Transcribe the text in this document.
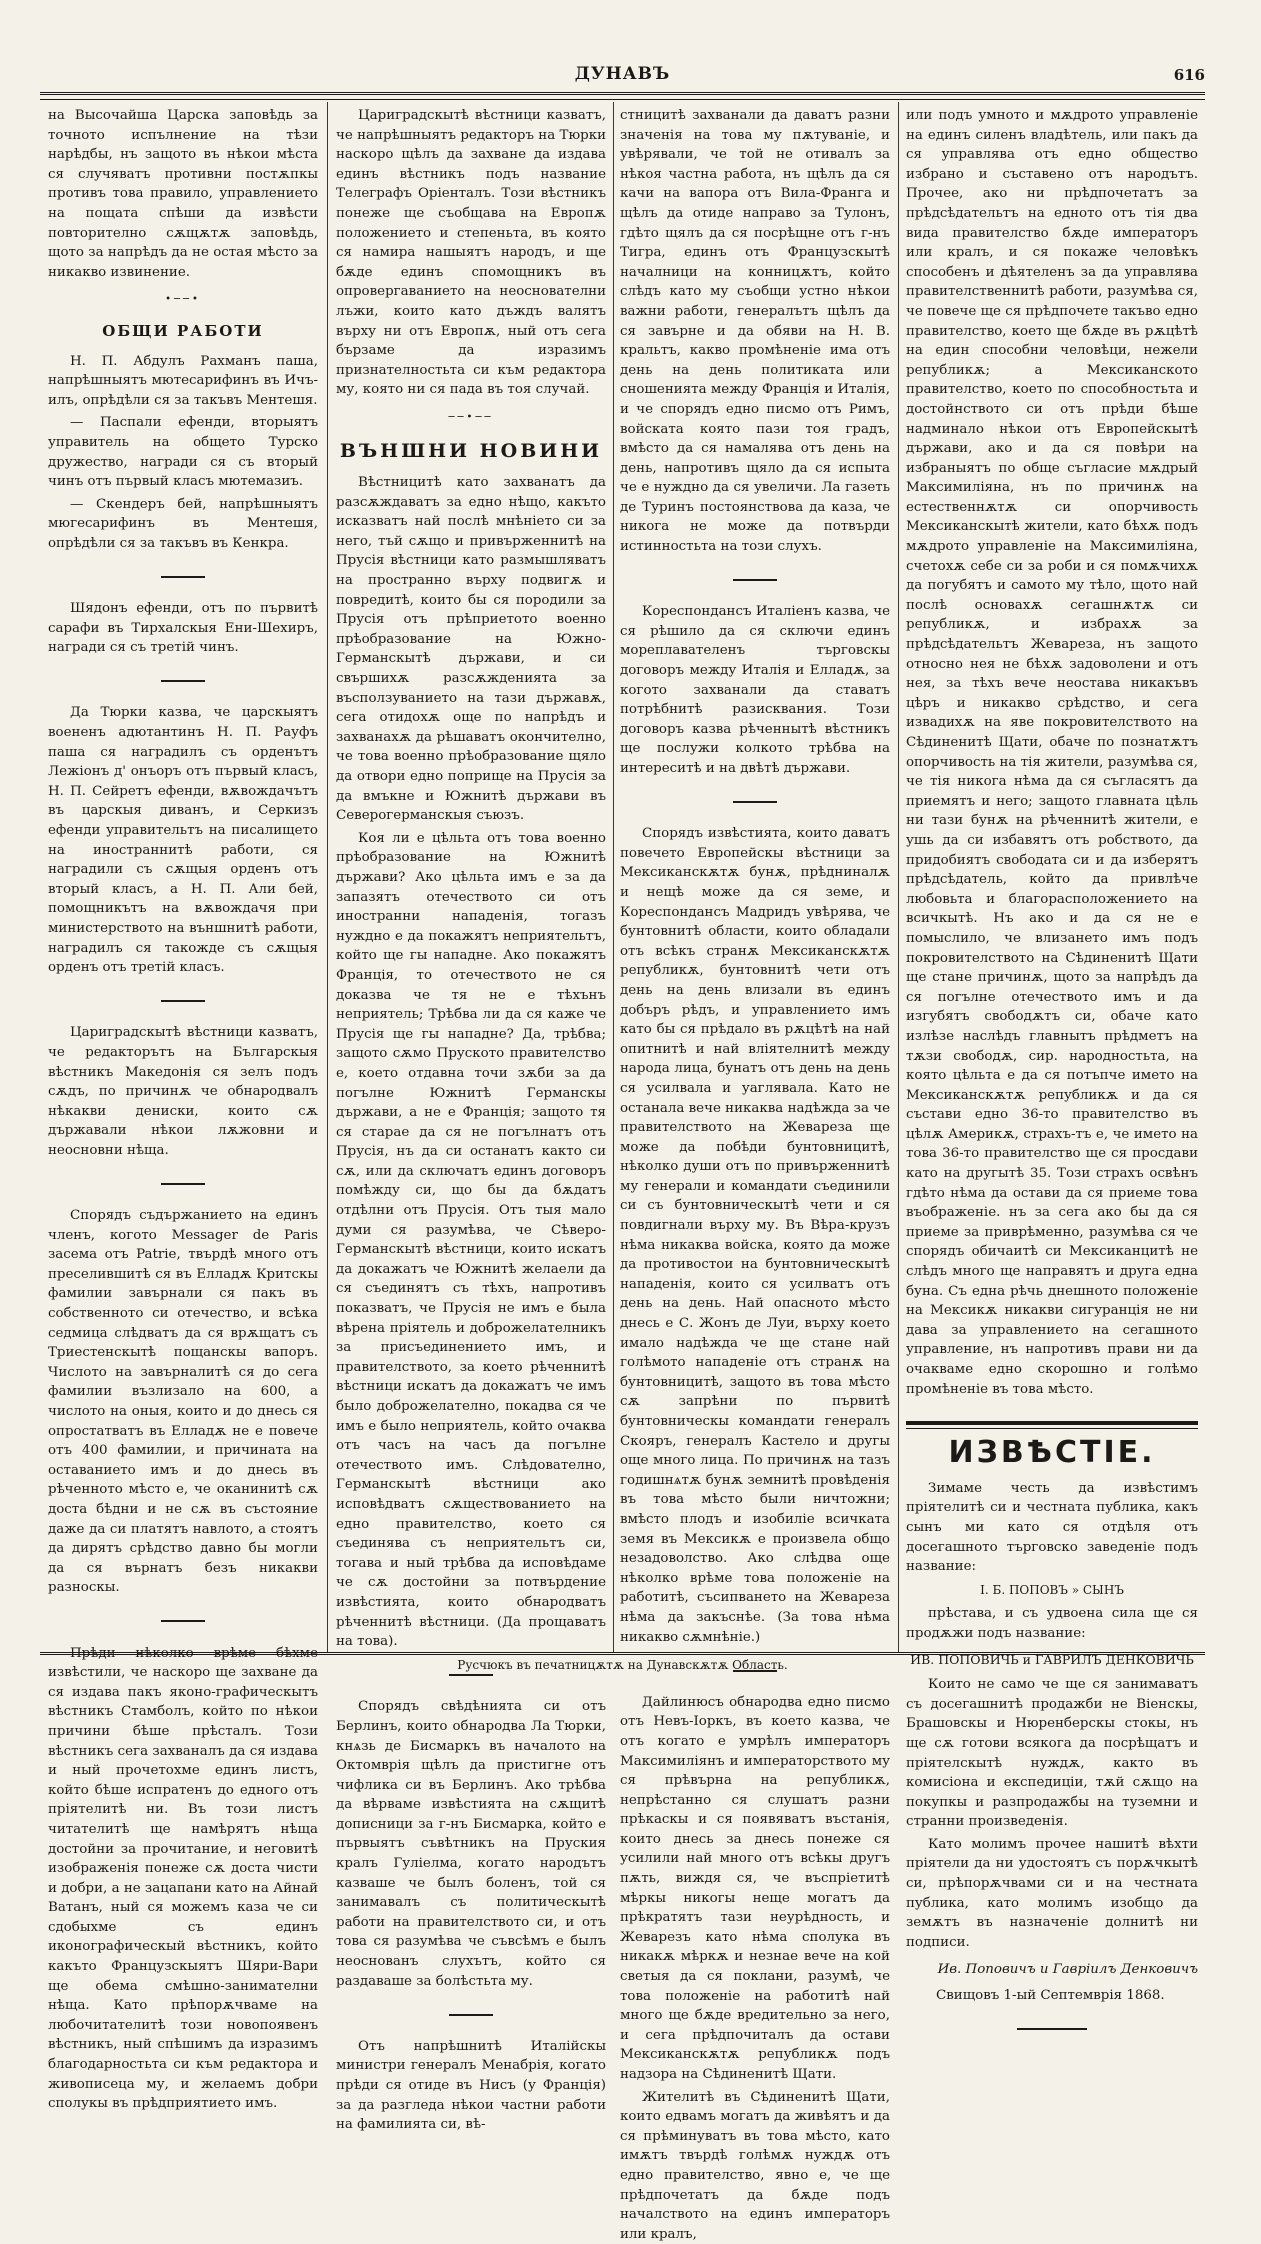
ДУНАВЪ	616

на Высочайша Царска заповѣдь за точното испълнение на тѣзи нарѣдбы, нъ защото въ нѣкои мѣста ся случяватъ противни постѫпкы противъ това правило, управлението на пощата спѣши да извѣсти повторително сѫщѫтѫ заповѣдь, щото за напрѣдъ да не остая мѣсто за никакво извинение.

•──•
ОБЩИ РАБОТИ

Н. П. Абдулъ Рахманъ паша, напрѣшныятъ мютесарифинъ въ Ичъ-илъ, опрѣдѣли ся за такъвъ Ментешя.

— Паспали ефенди, вторыятъ управитель на общето Турско дружество, награди ся съ вторый чинъ отъ първый класъ мютемазиъ.

— Скендеръ бей, напрѣшныятъ мюгесарифинъ въ Ментешя, опрѣдѣли ся за такъвъ въ Кенкра.

Шядонъ ефенди, отъ по първитѣ сарафи въ Тирхалскыя Ени-Шехиръ, награди ся съ третій чинъ.

Да Тюрки казва, че царскыятъ воененъ адютантинъ Н. П. Рауфъ паша ся наградилъ съ орденътъ Лежіонъ д' онъоръ отъ първый класъ, Н. П. Сейретъ ефенди, вѫвождачътъ въ царскыя диванъ, и Серкизъ ефенди управительтъ на писалището на иностраннитѣ работи, ся наградили съ сѫщыя орденъ отъ вторый класъ, а Н. П. Али бей, помощникътъ на вѫвождачя при министерството на външнитѣ работи, наградилъ ся такожде съ сѫщыя орденъ отъ третій класъ.

Цариградскытѣ вѣстници казватъ, че редакторътъ на Българскыя вѣстникъ Македонія ся зелъ подъ сѫдъ, по причинѫ че обнародвалъ нѣкакви дениски, които сѫ държавали нѣкои лѫжовни и неосновни нѣща.

Спорядъ съдържанието на единъ членъ, когото Messager de Paris засема отъ Patrie, твърдѣ много отъ преселившитѣ ся въ Елладѫ Критскы фамилии завърнали ся пакъ въ собственното си отечество, и всѣка седмица слѣдватъ да ся врѫщатъ съ Триестенскытѣ пощанскы вапоръ. Числото на завърналитѣ ся до сега фамилии възлизало на 600, а числото на оныя, които и до днесь ся опростатватъ въ Елладѫ не е повече отъ 400 фамилии, и причината на оставанието имъ и до днесь въ рѣченното мѣсто е, че оканинитѣ сѫ доста бѣдни и не сѫ въ състояние даже да си платятъ навлото, а стоятъ да дирятъ срѣдство давно бы могли да ся върнатъ безъ никакви разноскы.

Прѣди нѣколко врѣме бѣхме извѣстили, че наскоро ще захване да ся издава пакъ яконо-графическытъ вѣстникъ Стамболъ, който по нѣкои причини бѣше прѣсталъ. Този вѣстникъ сега захваналъ да ся издава и ный прочетохме единъ листъ, който бѣше испратенъ до едного отъ прiятелитѣ ни. Въ този листъ читателитѣ ще намѣрятъ нѣща достойни за прочитание, и неговитѣ изображенія понеже сѫ доста чисти и добри, а не зацапани като на Айнай Ватанъ, ный ся можемъ каза че си сдобыхме съ единъ иконографическый вѣстникъ, който какъто Французскыятъ Шяри-Вари ще обема смѣшно-занимателни нѣща. Като прѣпорѫчваме на любочитателитѣ този новопоявенъ вѣстникъ, ный спѣшимъ да изразимъ благодарностьта си към редактора и живописеца му, и желаемъ добри сполукы въ прѣдприятието имъ.

Цариградскытѣ вѣстници казватъ, че напрѣшныятъ редакторъ на Тюрки наскоро щѣлъ да захване да издава единъ вѣстникъ подъ название Телеграфъ Оріенталъ. Този вѣстникъ понеже ще съобщава на Европѫ положението и степеньта, въ която ся намира нашыятъ народъ, и ще бѫде единъ спомощникъ въ опровергаванието на неоснователни лъжи, които като дъждъ валятъ върху ни отъ Европѫ, ный отъ сега бързаме да изразимъ признателностьта си към редактора му, която ни ся пада въ тоя случай.

──•──
ВЪНШНИ НОВИНИ

Вѣстницитѣ като захванатъ да разсѫждаватъ за едно нѣщо, какъто исказватъ най послѣ мнѣніето си за него, тъй сѫщо и привърженнитѣ на Прусія вѣстници като размышляватъ на пространно върху подвигѫ и повредитѣ, които бы ся породили за Прусія отъ прѣприетото военно прѣобразование на Южно-Германскытѣ държави, и си свършихѫ разсѫжденията за въсползуванието на тази държавѫ, сега отидохѫ още по напрѣдъ и захванахѫ да рѣшаватъ окончително, че това военно прѣобразование щяло да отвори едно поприще на Прусія за да вмъкне и Южнитѣ държави въ Северогерманскыя съюзъ.

Коя ли е цѣльта отъ това военно прѣобразование на Южнитѣ държави? Ако цѣльта имъ е за да запазятъ отечеството си отъ иностранни нападенія, тогазъ нуждно е да покажятъ неприятельтъ, който ще гы нападне. Ако покажятъ Франція, то отечеството не ся доказва че тя не е тѣхънъ неприятель; Трѣбва ли да ся каже че Прусія ще гы нападне? Да, трѣбва; защото сѫмо Пруското правителство е, което отдавна точи зѫби за да погълне Южнитѣ Германскы държави, а не е Франція; защото тя ся старае да ся не погълнатъ отъ Прусія, нъ да си останатъ както си сѫ, или да сключатъ единъ договоръ помѣжду си, що бы да бѫдатъ отдѣлни отъ Прусія. Отъ тыя мало думи ся разумѣва, че Сѣверо-Германскытѣ вѣстници, които искатъ да докажатъ че Южнитѣ желаели да ся съединятъ съ тѣхъ, напротивъ показватъ, че Прусія не имъ е была вѣрена прiятель и доброжелателникъ за присъединението имъ, и правителството, за което рѣченнитѣ вѣстници искатъ да докажатъ че имъ было доброжелателно, покадва ся че имъ е было неприятель, който очаква отъ часъ на часъ да погълне отечеството имъ. Слѣдователно, Германскытѣ вѣстници ако исповѣдватъ сѫществованието на едно правителство, което ся съединява съ неприятельтъ си, тогава и ный трѣбва да исповѣдаме че сѫ достойни за потвърдение извѣстията, които обнародватъ рѣченнитѣ вѣстници. (Да прощаватъ на това).

Спорядъ свѣдѣнията си отъ Берлинъ, които обнародва Ла Тюрки, кнѧзь де Бисмаркъ въ началото на Октомврія щѣлъ да пристигне отъ чифлика си въ Берлинъ. Ако трѣбва да вѣрваме извѣстията на сѫщитѣ дописници за г-нъ Бисмарка, който е първыятъ съвѣтникъ на Пруския кралъ Гуліелма, когато народътъ казваше че былъ боленъ, той ся занимавалъ съ политическытѣ работи на правителството си, и отъ това ся разумѣва че съвсѣмъ е былъ неоснованъ слухътъ, който ся раздаваше за болѣстьта му.

Отъ напрѣшнитѣ Италійскы министри генералъ Менабрія, когато прѣди ся отиде въ Нисъ (у Франція) за да разгледа нѣкои частни работи на фамилията си, вѣ-

стницитѣ захванали да даватъ разни значенія на това му пѫтуванie, и увѣрявали, че той не отивалъ за нѣкоя частна работа, нъ щѣлъ да ся качи на вапора отъ Вила-Франга и щѣлъ да отиде направо за Тулонъ, гдѣто щялъ да ся посрѣщне отъ г-нъ Тигра, единъ отъ Французскытѣ началници на конницѫтъ, който слѣдъ като му съобщи устно нѣкои важни работи, генералътъ щѣлъ да ся завърне и да обяви на Н. В. кральтъ, какво промѣненіе има отъ день на день политиката или сношенията между Франція и Италія, и че спорядъ едно писмо отъ Римъ, войската която пази тоя градъ, вмѣсто да ся намалява отъ день на день, напротивъ щяло да ся испыта че е нуждно да ся увеличи. Ла газеть де Туринъ постоянствова да каза, че никога не може да потвърди истинностьта на този слухъ.

Кореспондансъ Италіенъ казва, че ся рѣшило да ся сключи единъ мореплавателенъ търговскы договоръ между Италія и Елладѫ, за когото захванали да ставатъ потрѣбнитѣ разисквания. Този договоръ казва рѣченнытѣ вѣстникъ ще послужи колкото трѣбва на интереситѣ и на двѣтѣ държави.

Спорядъ извѣстията, които даватъ повечето Европейскы вѣстници за Мексиканскѫтѫ бунѫ, прѣдниналѫ и нещѣ може да ся земе, и Кореспондансъ Мадридъ увѣрява, че бунтовнитѣ области, които обладали отъ всѣкъ странѫ Мексиканскѫтѫ републикѫ, бунтовнитѣ чети отъ день на день влизали въ единъ добъръ рѣдъ, и управлението имъ като бы ся прѣдало въ рѫцѣтѣ на най опитнитѣ и най влiятелнитѣ между народа лица, бунатъ отъ день на день ся усилвала и уаглявала. Като не останала вече никаква надѣжда за че правителството на Жевареза ще може да побѣди бунтовницитѣ, нѣколко души отъ по привърженнитѣ му генерали и командати съединили си съ бунтовническытѣ чети и ся повдигнали върху му. Въ Вѣра-крузъ нѣма никаква войска, която да може да противостои на бунтовническытѣ нападенія, които ся усилватъ отъ день на день. Най опасното мѣсто днесь е С. Жонъ де Луи, върху което имало надѣжда че ще стане най голѣмото нападеніе отъ странѫ на бунтовницитѣ, защото въ това мѣсто сѫ запрѣни по първитѣ бунтовническы командати генералъ Скояръ, генералъ Кастело и другы още много лица. По причинѫ на тазъ годишнѧтѫ бунѫ земнитѣ провѣденія въ това мѣсто были ничтожни; вмѣсто плодъ и изобиліе всичката земя въ Мексикѫ е произвела общо незадоволство. Ако слѣдва още нѣколко врѣме това положеніе на работитѣ, съсипването на Жевареза нѣма да закъснѣе. (За това нѣма никакво сѫмнѣніе.)

Дайлинюсъ обнародва едно писмо отъ Невъ-Іоркъ, въ което казва, че отъ когато е умрѣлъ императоръ Максимиліянъ и императорството му ся прѣвърна на републикѫ, непрѣстанно ся слушатъ разни прѣкаскы и ся появяватъ въстанія, които днесь за днесь понеже ся усилили най много отъ всѣкы другъ пѫть, виждя ся, че въспрiетитѣ мѣркы никогы неще могатъ да прѣкратятъ тази неурѣдность, и Жеварезъ като нѣма сполука въ никакѫ мѣркѫ и незнае вече на кой светыя да ся поклани, разумѣ, че това положеніе на работитѣ най много ще бѫде вредительно за него, и сега прѣдпочиталъ да остави Мексиканскѫтѫ републикѫ подъ надзора на Сѣдиненитѣ Щати.

Жителитѣ въ Сѣдиненитѣ Щати, които едвамъ могатъ да живѣятъ и да ся прѣминуватъ въ това мѣсто, като имѫтъ твърдѣ голѣмѫ нуждѫ отъ едно правителство, явно е, че ще прѣдпочетатъ да бѫде подъ началството на единъ императоръ или кралъ,

или подъ умното и мѫдрото управленіе на единъ силенъ владѣтель, или пакъ да ся управлява отъ едно общество избрано и съставено отъ народътъ. Прочее, ако ни прѣдпочетатъ за прѣдсѣдательтъ на едното отъ тiя два вида правителство бѫде императоръ или кралъ, и ся покаже человѣкъ способенъ и дѣятеленъ за да управлява правителственнитѣ работи, разумѣва ся, че повече ще ся прѣдпочете такъво едно правителство, което ще бѫде въ рѫцѣтѣ на един способни человѣци, нежели републикѫ; а Мексиканското правителство, което по способностьта и достойнството си отъ прѣди бѣше надминало нѣкои отъ Европейскытѣ държави, ако и да ся повѣри на избраныятъ по обще съгласие мѫдрый Максимиліяна, нъ по причинѫ на естественнѫтѫ си опорчивость Мексиканскытѣ жители, като бѣхѫ подъ мѫдрото управленіе на Максимиліяна, счетохѫ себе си за роби и ся помѫчихѫ да погубятъ и самото му тѣло, щото най послѣ основахѫ сегашнѫтѫ си републикѫ, и избрахѫ за прѣдсѣдательтъ Жевареза, нъ защото относно нея не бѣхѫ задоволени и отъ нея, за тѣхъ вече неостава никакъвъ цѣръ и никакво срѣдство, и сега извадихѫ на яве покровителството на Сѣдиненитѣ Щати, обаче по познатѫтъ опорчивость на тiя жители, разумѣва ся, че тiя никога нѣма да ся съгласятъ да приемятъ и него; защото главната цѣль ни тази бунѫ на рѣченнитѣ жители, е ушь да си избавятъ отъ робството, да придобиятъ свободата си и да изберятъ прѣдсѣдатель, който да привлѣче любовьта и благорасположението на всичкытѣ. Нъ ако и да ся не е помыслило, че влизането имъ подъ покровителството на Сѣдиненитѣ Щати ще стане причинѫ, щото за напрѣдъ да ся погълне отечеството имъ и да изгубятъ свободѫтъ си, обаче като излѣзе наслѣдъ главнытъ прѣдметъ на тѫзи свободѫ, сир. народностьта, на която цѣльта е да ся потъпче името на Мексиканскѫтѫ републикѫ и да ся състави едно 36-то правителство въ цѣлѫ Америкѫ, страхъ-тъ е, че името на това 36-то правителство ще ся просдави като на другытѣ 35. Този страхъ освѣнъ гдѣто нѣма да остави да ся приеме това въображеніе. нъ за сега ако бы да ся приеме за приврѣменно, разумѣва ся че спорядъ обичаитѣ си Мексиканцитѣ не слѣдъ много ще направятъ и друга една буна. Съ една рѣчь днешното положеніе на Мексикѫ никакви сигуранція не ни дава за управлението на сегашното управление, нъ напротивъ прави ни да очакваме едно скорошно и голѣмо промѣненіе въ това мѣсто.

ИЗВѢСТІЕ.

Зимаме честь да извѣстимъ прiятелитѣ си и честната публика, какъ сынъ ми като ся отдѣля отъ досегашното търговско заведеніе подъ название:

I. Б. ПОПОВЪ » СЫНЪ

прѣстава, и съ удвоена сила ще ся продѫжи подъ название:

ИВ. ПОПОВИЧЬ и ГАВРИЛЪ ДЕНКОВИЧЬ

Които не само че ще ся занимаватъ съ досегашнитѣ продажби не Віенскы, Брашовскы и Нюренберскы стокы, нъ ще сѫ готови всякога да посрѣщатъ и прiятелскытѣ нуждѫ, както въ комисіона и експедиціи, тѫй сѫщо на покупкы и разпродажбы на туземни и странни произведенія.

Като молимъ прочее нашитѣ вѣхти прiятели да ни удостоятъ съ порѫчкытѣ си, прѣпорѫчвами си и на честната публика, като молимъ изобщо да земѫтъ въ назначеніе долнитѣ ни подписи.

Ив. Поповичъ и Гаврiилъ Денковичъ

Свищовъ 1-ый Септемврія 1868.

Русчюкъ въ печатницѫтѫ на Дунавскѫтѫ Область.
